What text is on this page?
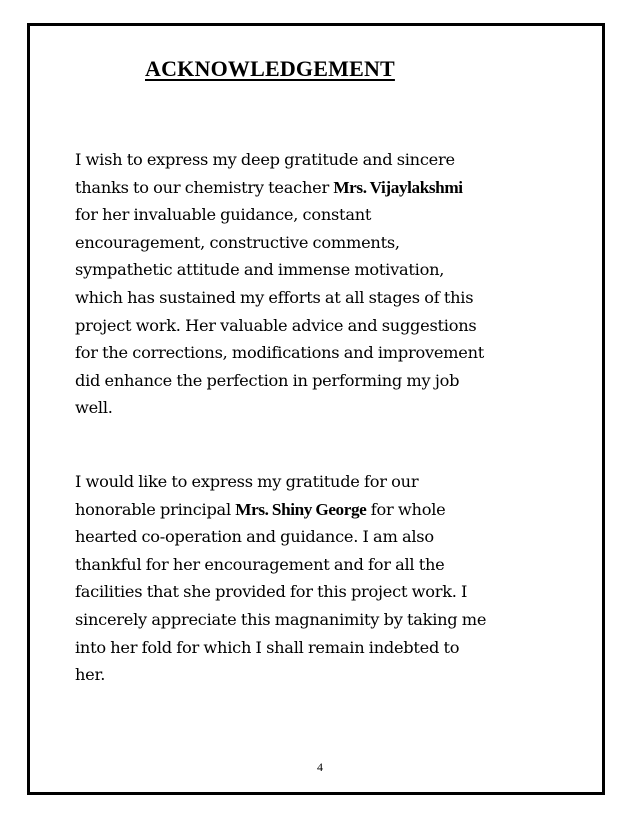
ACKNOWLEDGEMENT

I wish to express my deep gratitude and sincere
thanks to our chemistry teacher Mrs. Vijaylakshmi
for her invaluable guidance, constant
encouragement, constructive comments,
sympathetic attitude and immense motivation,
which has sustained my efforts at all stages of this
project work. Her valuable advice and suggestions
for the corrections, modifications and improvement
did enhance the perfection in performing my job
well.

I would like to express my gratitude for our
honorable principal Mrs. Shiny George for whole
hearted co-operation and guidance. I am also
thankful for her encouragement and for all the
facilities that she provided for this project work. I
sincerely appreciate this magnanimity by taking me
into her fold for which I shall remain indebted to
her.

4
